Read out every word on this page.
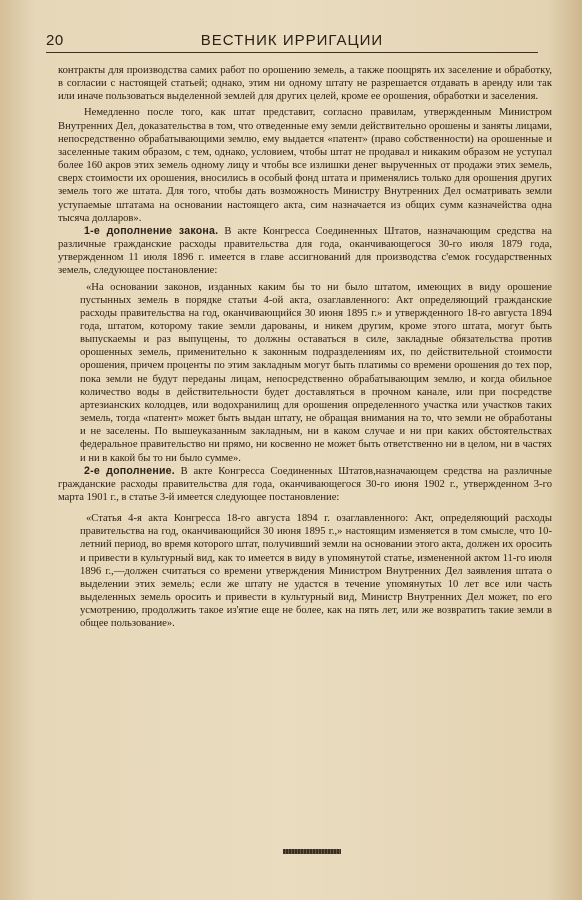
20	ВЕСТНИК ИРРИГАЦИИ

контракты для производства самих работ по орошению земель, а также поощрять их заселение и обработку, в согласии с настоящей статьей; однако, этим ни одному штату не разрешается отдавать в аренду или так или иначе пользоваться выделенной землей для других целей, кроме ее орошения, обработки и заселения.

Немедленно после того, как штат представит, согласно правилам, утвержденным Министром Внутренних Дел, доказательства в том, что отведенные ему земли действительно орошены и заняты лицами, непосредственно обрабатывающими землю, ему выдается «патент» (право собственности) на орошенные и заселенные таким образом, с тем, однако, условием, чтобы штат не продавал и никаким образом не уступал более 160 акров этих земель одному лицу и чтобы все излишки денег вырученных от продажи этих земель, сверх стоимости их орошения, вносились в особый фонд штата и применялись только для орошения других земель того же штата. Для того, чтобы дать возможность Министру Внутренних Дел осматривать земли уступаемые штатама на основании настоящего акта, сим назначается из общих сумм казначейства одна тысяча долларов».

1-е дополнение закона. В акте Конгресса Соединенных Штатов, назначающим средства на различные гражданские расходы правительства для года, оканчивающегося 30-го июля 1879 года, утвержденном 11 июля 1896 г. имеется в главе ассигнований для производства с'емок государственных земель, следующее постановление:

«На основании законов, изданных каким бы то ни было штатом, имеющих в виду орошение пустынных земель в порядке статьи 4-ой акта, озаглавленного: Акт определяющий гражданские расходы правительства на год, оканчивающийся 30 июня 1895 г.» и утвержденного 18-го августа 1894 года, штатом, которому такие земли дарованы, и никем другим, кроме этого штата, могут быть выпускаемы и раз выпущены, то должны оставаться в силе, закладные обязательства против орошенных земель, применительно к законным подразделениям их, по действительной стоимости орошения, причем проценты по этим закладным могут быть платимы со времени орошения до тех пор, пока земли не будут переданы лицам, непосредственно обрабатывающим землю, и когда обильное количество воды в действительности будет доставляться в прочном канале, или при посредстве артезианских колодцев, или водохранилищ для орошения определенного участка или участков таких земель, тогда «патент» может быть выдан штату, не обращая внимания на то, что земли не обработаны и не заселены. По вышеуказанным закладным, ни в каком случае и ни при каких обстоятельствах федеральное правительство ни прямо, ни косвенно не может быть ответственно ни в целом, ни в частях и ни в какой бы то ни было сумме».

2-е дополнение. В акте Конгресса Соединенных Штатов,назначающем средства на различные гражданские расходы правительства для года, оканчивающегося 30-го июня 1902 г., утвержденном 3-го марта 1901 г., в статье 3-й имеется следующее постановление:

«Статья 4-я акта Конгресса 18-го августа 1894 г. озаглавленного: Акт, определяющий расходы правительства на год, оканчивающийся 30 июня 1895 г.,» настоящим изменяется в том смысле, что 10-летний период, во время которого штат, получивший земли на основании этого акта, должен их оросить и привести в культурный вид, как то имеется в виду в упомянутой статье, измененной актом 11-го июля 1896 г.,—должен считаться со времени утверждения Министром Внутренних Дел заявления штата о выделении этих земель; если же штату не удастся в течение упомянутых 10 лет все или часть выделенных земель оросить и привести в культурный вид, Министр Внутренних Дел может, по его усмотрению, продолжить такое из'ятие еще не более, как на пять лет, или же возвратить такие земли в общее пользование».
